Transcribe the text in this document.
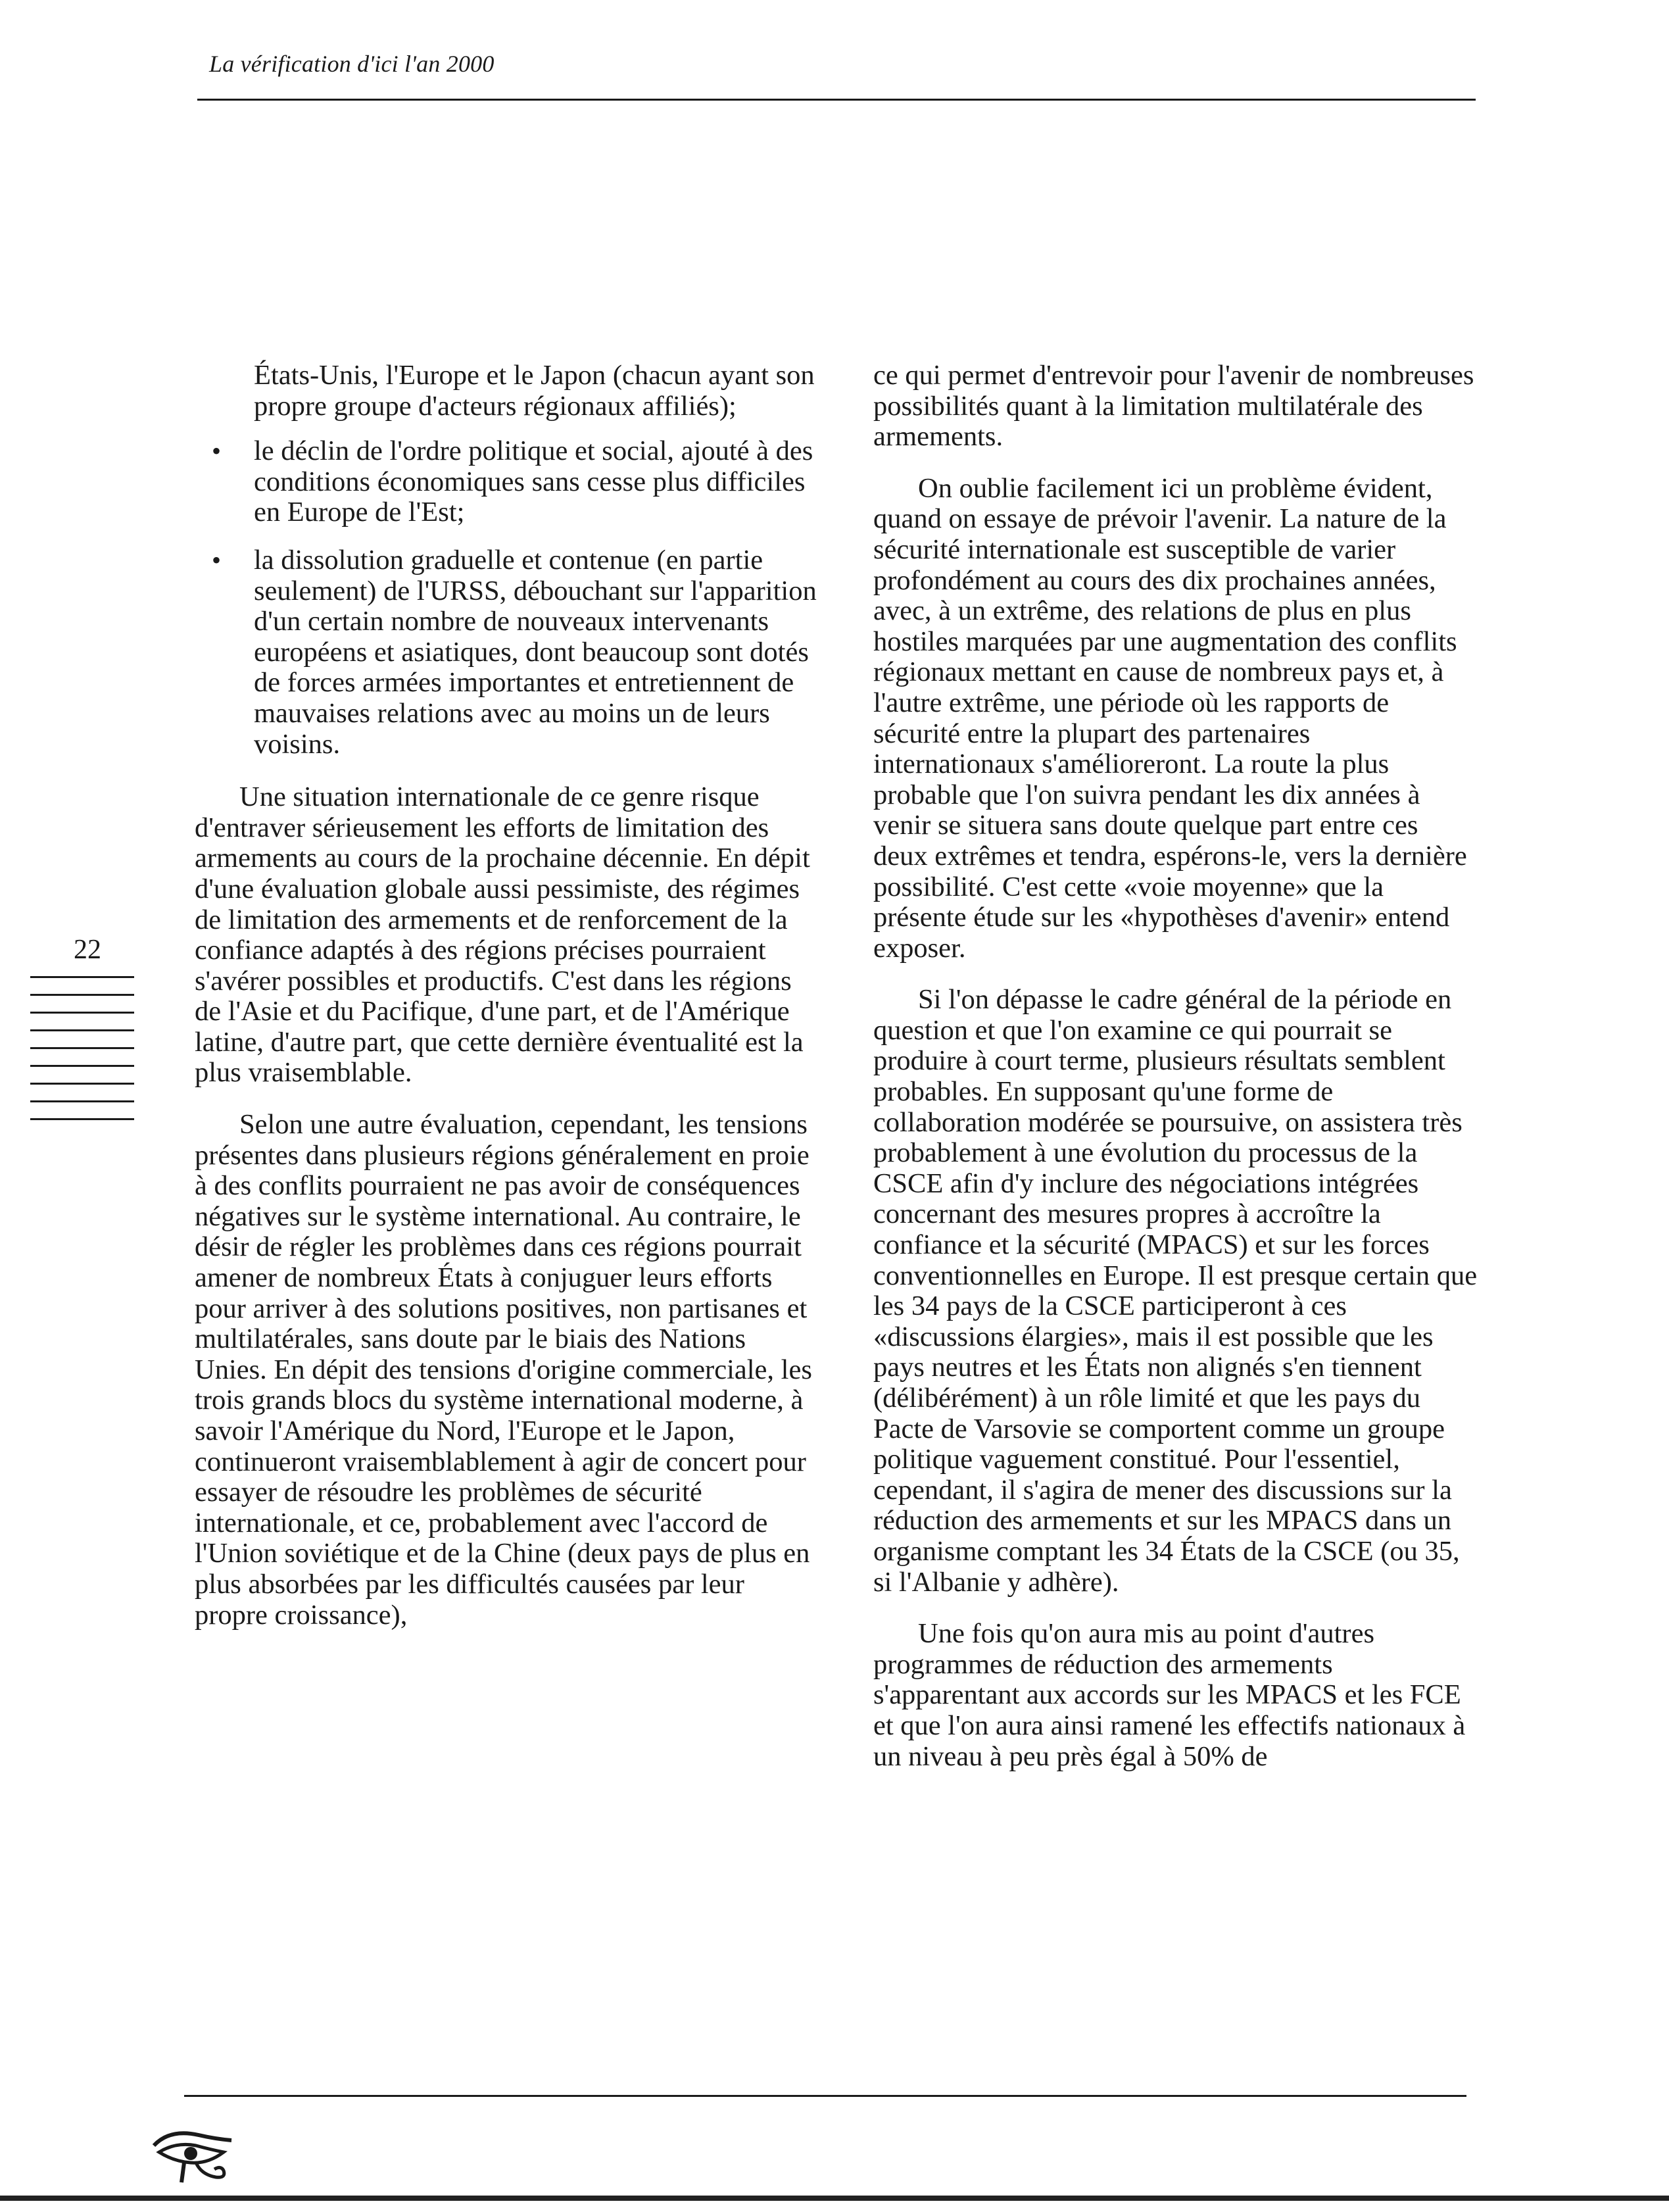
La vérification d'ici l'an 2000
22

États-Unis, l'Europe et le Japon (chacun ayant son propre groupe d'acteurs régionaux affiliés);

• le déclin de l'ordre politique et social, ajouté à des conditions économiques sans cesse plus difficiles en Europe de l'Est;
• la dissolution graduelle et contenue (en partie seulement) de l'URSS, débouchant sur l'apparition d'un certain nombre de nouveaux intervenants européens et asiatiques, dont beaucoup sont dotés de forces armées importantes et entretiennent de mauvaises relations avec au moins un de leurs voisins.

Une situation internationale de ce genre risque d'entraver sérieusement les efforts de limitation des armements au cours de la prochaine décennie. En dépit d'une évaluation globale aussi pessimiste, des régimes de limitation des armements et de renforcement de la confiance adaptés à des régions précises pourraient s'avérer possibles et productifs. C'est dans les régions de l'Asie et du Pacifique, d'une part, et de l'Amérique latine, d'autre part, que cette dernière éventualité est la plus vraisemblable.

Selon une autre évaluation, cependant, les tensions présentes dans plusieurs régions généralement en proie à des conflits pourraient ne pas avoir de conséquences négatives sur le système international. Au contraire, le désir de régler les problèmes dans ces régions pourrait amener de nombreux États à conjuguer leurs efforts pour arriver à des solutions positives, non partisanes et multilatérales, sans doute par le biais des Nations Unies. En dépit des tensions d'origine commerciale, les trois grands blocs du système international moderne, à savoir l'Amérique du Nord, l'Europe et le Japon, continueront vraisemblablement à agir de concert pour essayer de résoudre les problèmes de sécurité internationale, et ce, probablement avec l'accord de l'Union soviétique et de la Chine (deux pays de plus en plus absorbées par les difficultés causées par leur propre croissance),

ce qui permet d'entrevoir pour l'avenir de nombreuses possibilités quant à la limitation multilatérale des armements.

On oublie facilement ici un problème évident, quand on essaye de prévoir l'avenir. La nature de la sécurité internationale est susceptible de varier profondément au cours des dix prochaines années, avec, à un extrême, des relations de plus en plus hostiles marquées par une augmentation des conflits régionaux mettant en cause de nombreux pays et, à l'autre extrême, une période où les rapports de sécurité entre la plupart des partenaires internationaux s'amélioreront. La route la plus probable que l'on suivra pendant les dix années à venir se situera sans doute quelque part entre ces deux extrêmes et tendra, espérons-le, vers la dernière possibilité. C'est cette «voie moyenne» que la présente étude sur les «hypothèses d'avenir» entend exposer.

Si l'on dépasse le cadre général de la période en question et que l'on examine ce qui pourrait se produire à court terme, plusieurs résultats semblent probables. En supposant qu'une forme de collaboration modérée se poursuive, on assistera très probablement à une évolution du processus de la CSCE afin d'y inclure des négociations intégrées concernant des mesures propres à accroître la confiance et la sécurité (MPACS) et sur les forces conventionnelles en Europe. Il est presque certain que les 34 pays de la CSCE participeront à ces «discussions élargies», mais il est possible que les pays neutres et les États non alignés s'en tiennent (délibérément) à un rôle limité et que les pays du Pacte de Varsovie se comportent comme un groupe politique vaguement constitué. Pour l'essentiel, cependant, il s'agira de mener des discussions sur la réduction des armements et sur les MPACS dans un organisme comptant les 34 États de la CSCE (ou 35, si l'Albanie y adhère).

Une fois qu'on aura mis au point d'autres programmes de réduction des armements s'apparentant aux accords sur les MPACS et les FCE et que l'on aura ainsi ramené les effectifs nationaux à un niveau à peu près égal à 50% de
